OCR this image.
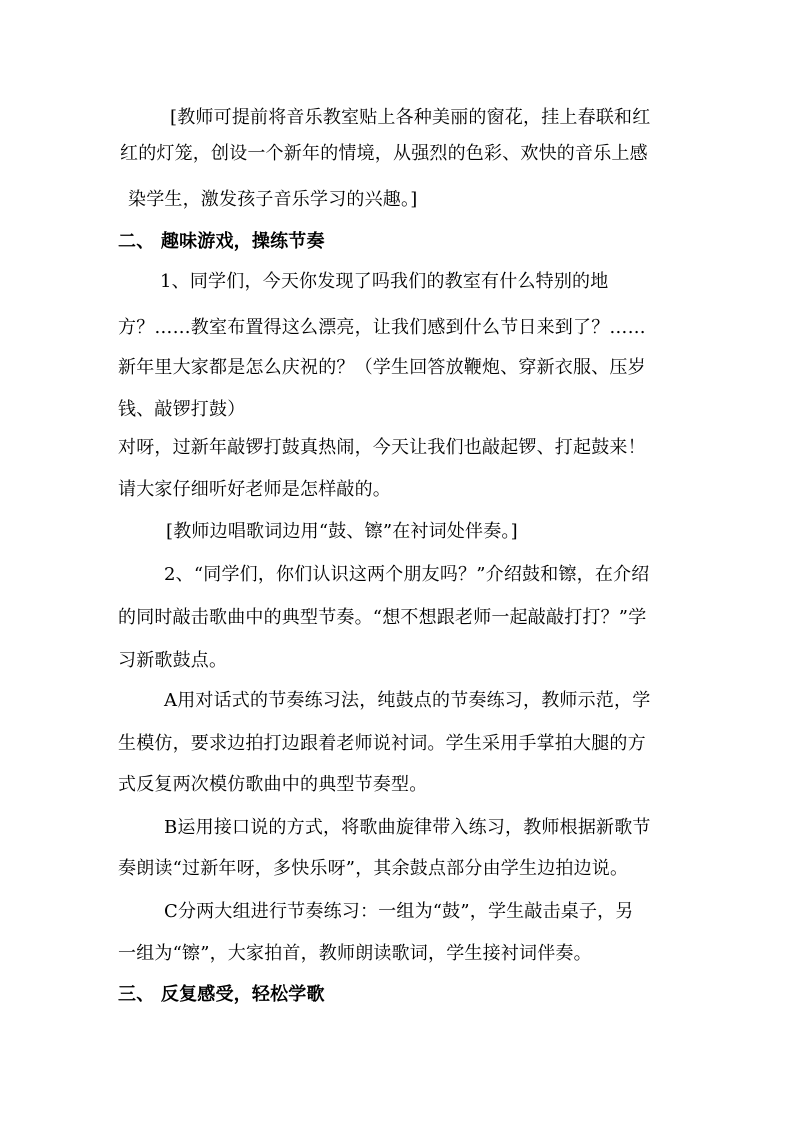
[教师可提前将音乐教室贴上各种美丽的窗花，挂上春联和红
红的灯笼，创设一个新年的情境，从强烈的色彩、欢快的音乐上感
染学生，激发孩子音乐学习的兴趣。]
二、 趣味游戏，操练节奏
1、同学们，今天你发现了吗我们的教室有什么特别的地
方？……教室布置得这么漂亮，让我们感到什么节日来到了？……
新年里大家都是怎么庆祝的？（学生回答放鞭炮、穿新衣服、压岁
钱、敲锣打鼓）
对呀，过新年敲锣打鼓真热闹，今天让我们也敲起锣、打起鼓来！
请大家仔细听好老师是怎样敲的。
[教师边唱歌词边用“鼓、镲”在衬词处伴奏。]
2、“同学们，你们认识这两个朋友吗？”介绍鼓和镲，在介绍
的同时敲击歌曲中的典型节奏。“想不想跟老师一起敲敲打打？”学
习新歌鼓点。
A用对话式的节奏练习法，纯鼓点的节奏练习，教师示范，学
生模仿，要求边拍打边跟着老师说衬词。学生采用手掌拍大腿的方
式反复两次模仿歌曲中的典型节奏型。
B运用接口说的方式，将歌曲旋律带入练习，教师根据新歌节
奏朗读“过新年呀，多快乐呀”，其余鼓点部分由学生边拍边说。
C分两大组进行节奏练习：一组为“鼓”，学生敲击桌子，另
一组为“镲”，大家拍首，教师朗读歌词，学生接衬词伴奏。
三、 反复感受，轻松学歌
